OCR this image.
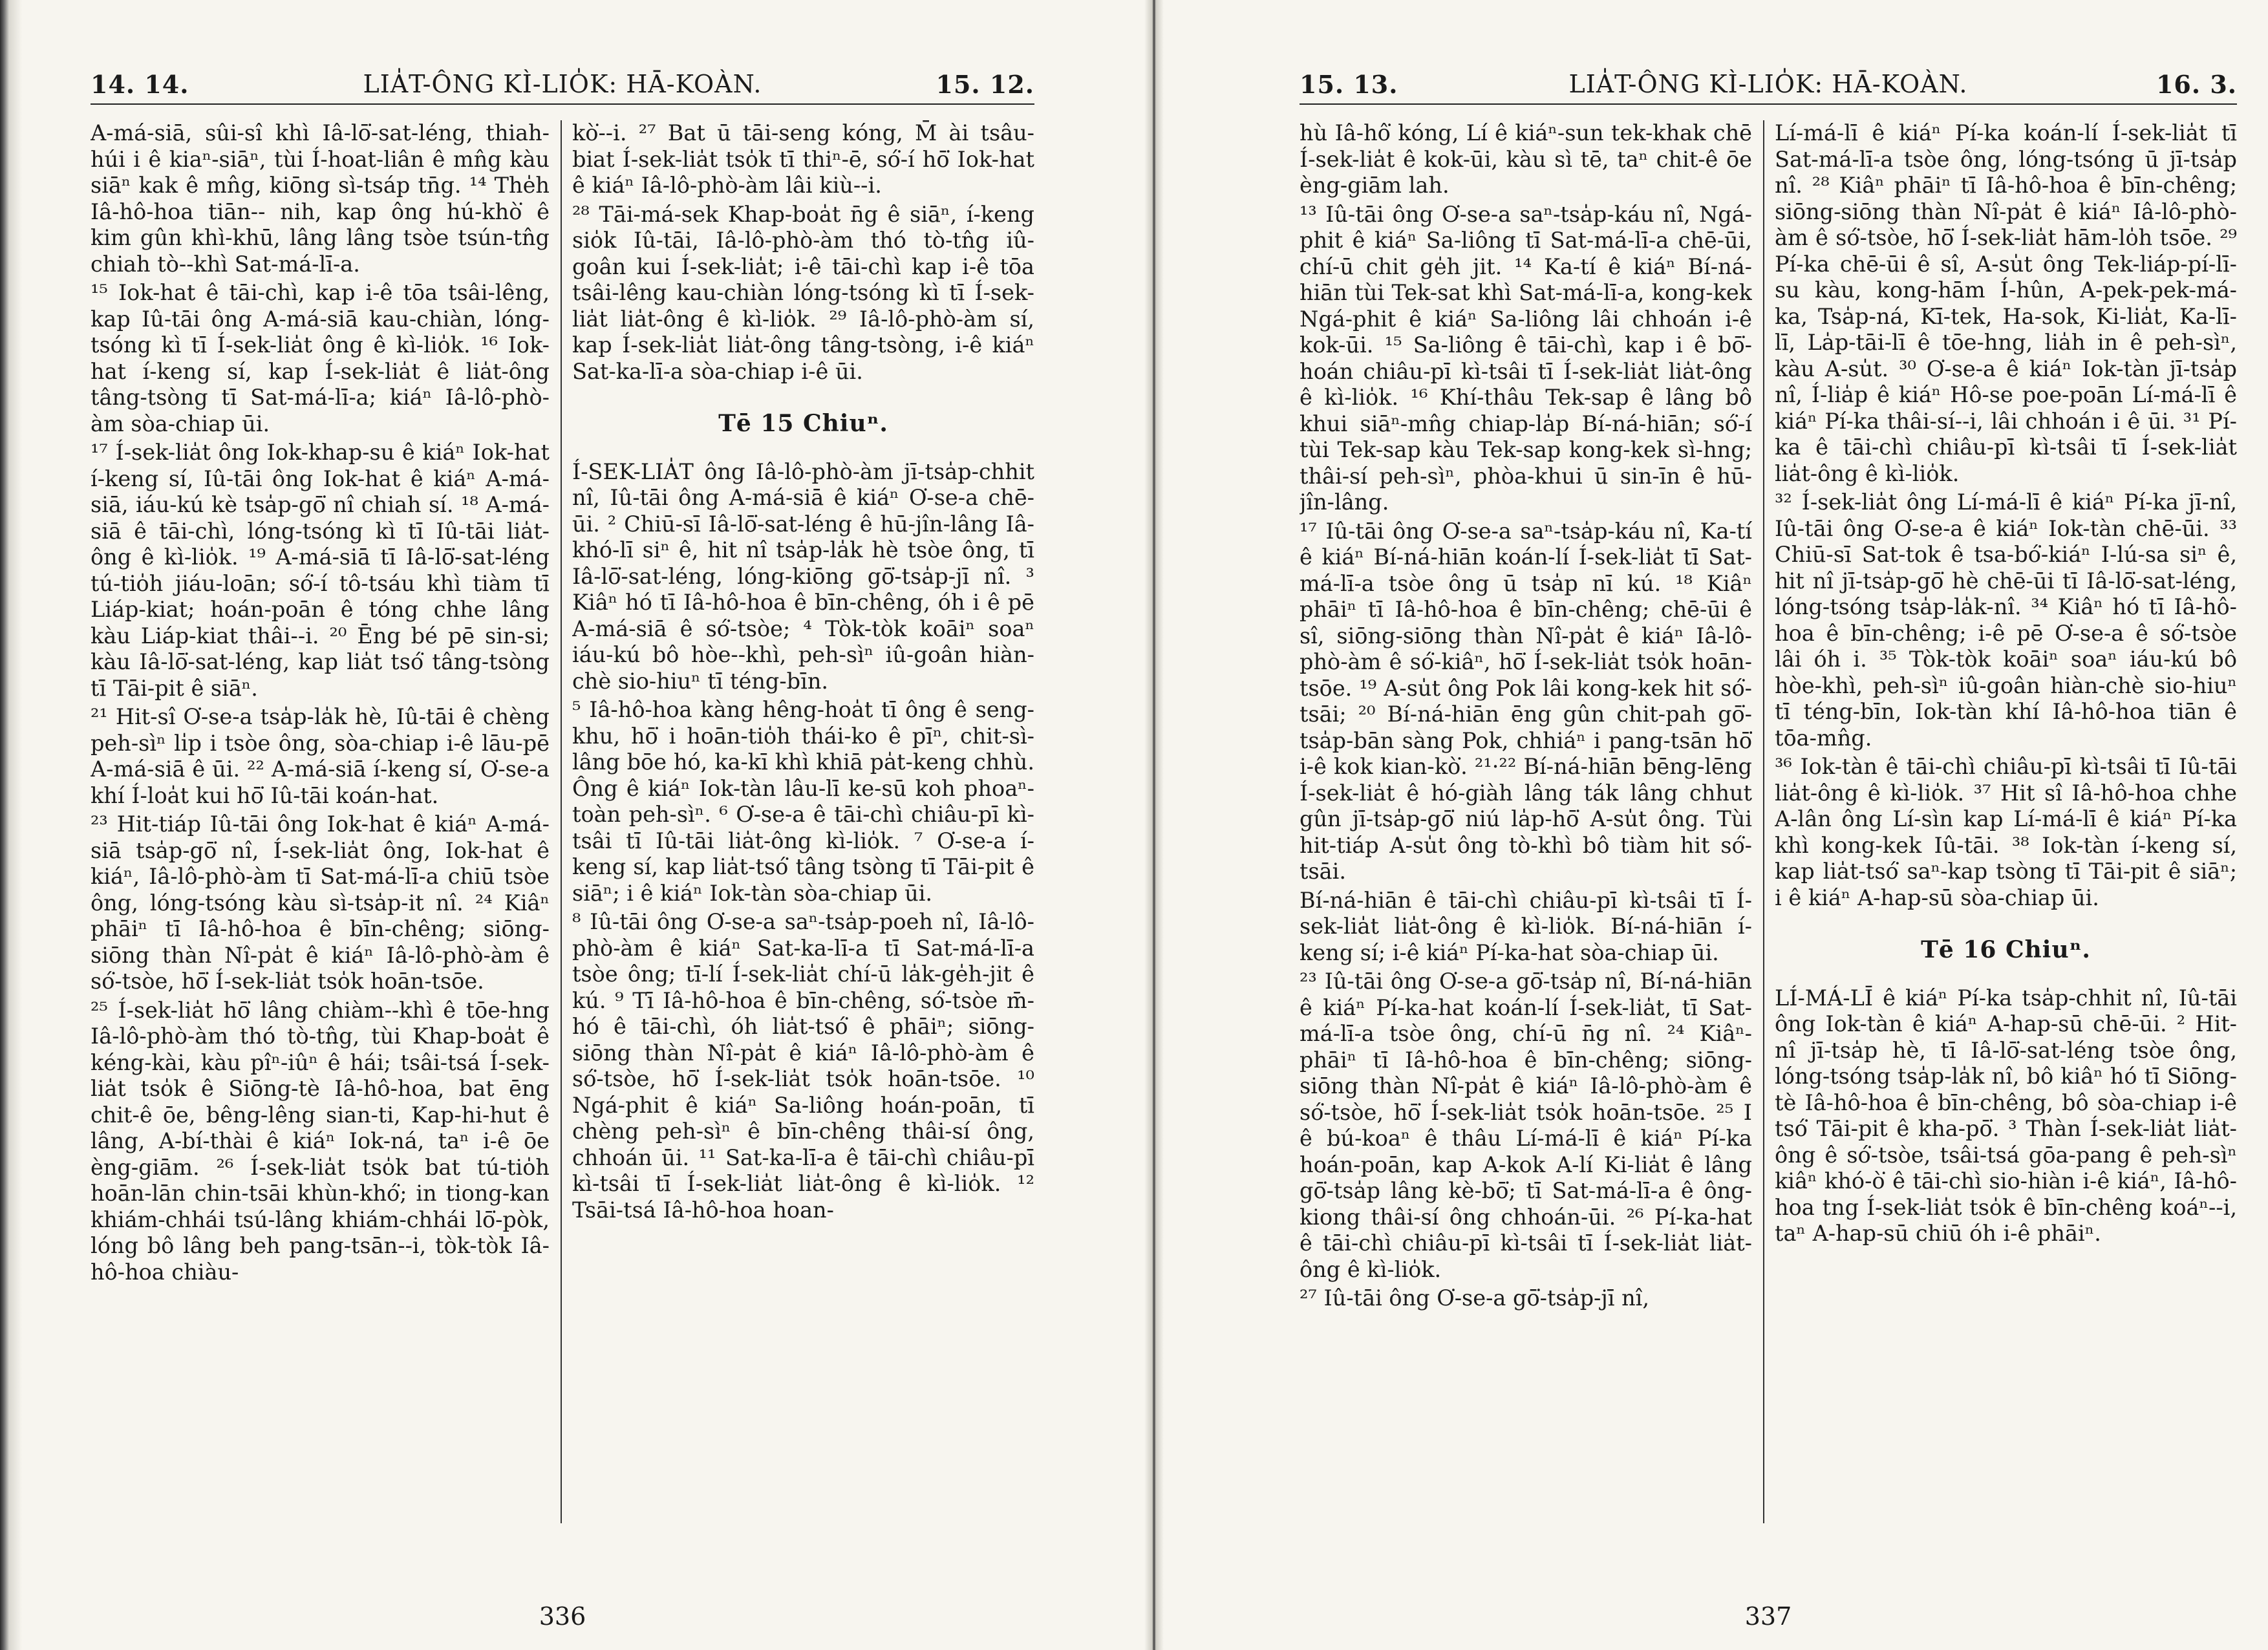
14. 14.	LIA̍T-ÔNG KÌ-LIO̍K: HĀ-KOÀN.	15. 12.

A-má-siā, sûi-sî khì Iâ-lō͘-sat-léng, thiah-húi i ê kiaⁿ-siāⁿ, tùi Í-hoat-liân ê mn̂g kàu siāⁿ kak ê mn̂g, kiōng sì-tsáp tn̄g. ¹⁴ The̍h Iâ-hô-hoa tiān-- nih, kap ông hú-khò͘ ê kim gûn khì-khū, lâng lâng tsòe tsún-tn̂g chiah tò--khì Sat-má-lī-a.

¹⁵ Iok-hat ê tāi-chì, kap i-ê tōa tsâi-lêng, kap Iû-tāi ông A-má-siā kau-chiàn, lóng-tsóng kì tī Í-sek-lia̍t ông ê kì-lio̍k. ¹⁶ Iok-hat í-keng sí, kap Í-sek-lia̍t ê lia̍t-ông tâng-tsòng tī Sat-má-lī-a; kiáⁿ Iâ-lô-phò-àm sòa-chiap ūi.

¹⁷ Í-sek-lia̍t ông Iok-khap-su ê kiáⁿ Iok-hat í-keng sí, Iû-tāi ông Iok-hat ê kiáⁿ A-má-siā, iáu-kú kè tsa̍p-gō͘ nî chiah sí. ¹⁸ A-má-siā ê tāi-chì, lóng-tsóng kì tī Iû-tāi lia̍t-ông ê kì-lio̍k. ¹⁹ A-má-siā tī Iâ-lō͘-sat-léng tú-tio̍h jiáu-loān; só͘-í tô-tsáu khì tiàm tī Liáp-kiat; hoán-poān ê tóng chhe lâng kàu Liáp-kiat thâi--i. ²⁰ Ēng bé pē sin-si; kàu Iâ-lō͘-sat-léng, kap lia̍t tsó͘ tâng-tsòng tī Tāi-pit ê siāⁿ.

²¹ Hit-sî O͘-se-a tsa̍p-la̍k hè, Iû-tāi ê chèng peh-sìⁿ li̍p i tsòe ông, sòa-chiap i-ê lāu-pē A-má-siā ê ūi. ²² A-má-siā í-keng sí, O͘-se-a khí Í-loa̍t kui hō͘ Iû-tāi koán-hat.

²³ Hit-tiáp Iû-tāi ông Iok-hat ê kiáⁿ A-má-siā tsa̍p-gō͘ nî, Í-sek-lia̍t ông, Iok-hat ê kiáⁿ, Iâ-lô-phò-àm tī Sat-má-lī-a chiū tsòe ông, lóng-tsóng kàu sì-tsa̍p-it nî. ²⁴ Kiâⁿ phāiⁿ tī Iâ-hô-hoa ê bīn-chêng; siōng-siōng thàn Nî-pa̍t ê kiáⁿ Iâ-lô-phò-àm ê só͘-tsòe, hō͘ Í-sek-lia̍t tso̍k hoān-tsōe.

²⁵ Í-sek-lia̍t hō͘ lâng chiàm--khì ê tōe-hng Iâ-lô-phò-àm thó tò-tn̂g, tùi Khap-boa̍t ê kéng-kài, kàu pîⁿ-iûⁿ ê hái; tsâi-tsá Í-sek-lia̍t tso̍k ê Siōng-tè Iâ-hô-hoa, bat ēng chit-ê ōe, bêng-lêng sian-ti, Kap-hi-hut ê lâng, A-bí-thài ê kiáⁿ Iok-ná, taⁿ i-ê ōe èng-giām. ²⁶ Í-sek-lia̍t tso̍k bat tú-tio̍h hoān-lān chin-tsāi khùn-khó͘; in tiong-kan khiám-chhái tsú-lâng khiám-chhái lō͘-pòk, lóng bô lâng beh pang-tsān--i, tòk-tòk Iâ-hô-hoa chiàu-

kò͘--i. ²⁷ Bat ū tāi-seng kóng, M̄ ài tsâu-biat Í-sek-lia̍t tso̍k tī thiⁿ-ē, só͘-í hō͘ Iok-hat ê kiáⁿ Iâ-lô-phò-àm lâi kiù--i.

²⁸ Tāi-má-sek Khap-boa̍t n̄g ê siāⁿ, í-keng sio̍k Iû-tāi, Iâ-lô-phò-àm thó tò-tn̂g iû-goân kui Í-sek-lia̍t; i-ê tāi-chì kap i-ê tōa tsâi-lêng kau-chiàn lóng-tsóng kì tī Í-sek-lia̍t lia̍t-ông ê kì-lio̍k. ²⁹ Iâ-lô-phò-àm sí, kap Í-sek-lia̍t lia̍t-ông tâng-tsòng, i-ê kiáⁿ Sat-ka-lī-a sòa-chiap i-ê ūi.

Tē 15 Chiuⁿ.

Í-SEK-LIA̍T ông Iâ-lô-phò-àm jī-tsa̍p-chhit nî, Iû-tāi ông A-má-siā ê kiáⁿ O͘-se-a chē-ūi. ² Chiū-sī Iâ-lō͘-sat-léng ê hū-jîn-lâng Iâ-khó-lī siⁿ ê, hit nî tsa̍p-la̍k hè tsòe ông, tī Iâ-lō͘-sat-léng, lóng-kiōng gō͘-tsa̍p-jī nî. ³ Kiâⁿ hó tī Iâ-hô-hoa ê bīn-chêng, óh i ê pē A-má-siā ê só͘-tsòe; ⁴ Tòk-tòk koāiⁿ soaⁿ iáu-kú bô hòe--khì, peh-sìⁿ iû-goân hiàn-chè sio-hiuⁿ tī téng-bīn.

⁵ Iâ-hô-hoa kàng hêng-hoa̍t tī ông ê seng-khu, hō͘ i hoān-tio̍h thái-ko ê pīⁿ, chit-sì-lâng bōe hó, ka-kī khì khiā pa̍t-keng chhù. Ông ê kiáⁿ Iok-tàn lâu-lī ke-sū koh phoaⁿ-toàn peh-sìⁿ. ⁶ O͘-se-a ê tāi-chì chiâu-pī kì-tsâi tī Iû-tāi lia̍t-ông kì-lio̍k. ⁷ O͘-se-a í-keng sí, kap lia̍t-tsó͘ tâng tsòng tī Tāi-pit ê siāⁿ; i ê kiáⁿ Iok-tàn sòa-chiap ūi.

⁸ Iû-tāi ông O͘-se-a saⁿ-tsa̍p-poeh nî, Iâ-lô-phò-àm ê kiáⁿ Sat-ka-lī-a tī Sat-má-lī-a tsòe ông; tī-lí Í-sek-lia̍t chí-ū la̍k-ge̍h-jit ê kú. ⁹ Tī Iâ-hô-hoa ê bīn-chêng, só͘-tsòe m̄-hó ê tāi-chì, óh lia̍t-tsó͘ ê phāiⁿ; siōng-siōng thàn Nî-pa̍t ê kiáⁿ Iâ-lô-phò-àm ê só͘-tsòe, hō͘ Í-sek-lia̍t tso̍k hoān-tsōe. ¹⁰ Ngá-phit ê kiáⁿ Sa-liông hoán-poān, tī chèng peh-sìⁿ ê bīn-chêng thâi-sí ông, chhoán ūi. ¹¹ Sat-ka-lī-a ê tāi-chì chiâu-pī kì-tsâi tī Í-sek-lia̍t lia̍t-ông ê kì-lio̍k. ¹² Tsāi-tsá Iâ-hô-hoa hoan-

336
15. 13.	LIA̍T-ÔNG KÌ-LIO̍K: HĀ-KOÀN.	16. 3.

hù Iâ-hô͘ kóng, Lí ê kiáⁿ-sun tek-khak chē Í-sek-lia̍t ê kok-ūi, kàu sì tē, taⁿ chit-ê ōe èng-giām lah.

¹³ Iû-tāi ông O͘-se-a saⁿ-tsa̍p-káu nî, Ngá-phit ê kiáⁿ Sa-liông tī Sat-má-lī-a chē-ūi, chí-ū chit ge̍h jit. ¹⁴ Ka-tí ê kiáⁿ Bí-ná-hiān tùi Tek-sat khì Sat-má-lī-a, kong-kek Ngá-phit ê kiáⁿ Sa-liông lâi chhoán i-ê kok-ūi. ¹⁵ Sa-liông ê tāi-chì, kap i ê bō͘-hoán chiâu-pī kì-tsâi tī Í-sek-lia̍t lia̍t-ông ê kì-lio̍k. ¹⁶ Khí-thâu Tek-sap ê lâng bô khui siāⁿ-mn̂g chiap-la̍p Bí-ná-hiān; só͘-í tùi Tek-sap kàu Tek-sap kong-kek sì-hng; thâi-sí peh-sìⁿ, phòa-khui ū sin-īn ê hū-jîn-lâng.

¹⁷ Iû-tāi ông O͘-se-a saⁿ-tsa̍p-káu nî, Ka-tí ê kiáⁿ Bí-ná-hiān koán-lí Í-sek-lia̍t tī Sat-má-lī-a tsòe ông ū tsa̍p nī kú. ¹⁸ Kiâⁿ phāiⁿ tī Iâ-hô-hoa ê bīn-chêng; chē-ūi ê sî, siōng-siōng thàn Nî-pa̍t ê kiáⁿ Iâ-lô-phò-àm ê só͘-kiâⁿ, hō͘ Í-sek-lia̍t tso̍k hoān-tsōe. ¹⁹ A-su̍t ông Pok lâi kong-kek hit só͘-tsāi; ²⁰ Bí-ná-hiān ēng gûn chit-pah gō͘-tsa̍p-bān sàng Pok, chhiáⁿ i pang-tsān hō͘ i-ê kok kian-kò͘. ²¹·²² Bí-ná-hiān bēng-lēng Í-sek-lia̍t ê hó-giàh lâng ták lâng chhut gûn jī-tsa̍p-gō͘ niú la̍p-hō͘ A-su̍t ông. Tùi hit-tiáp A-su̍t ông tò-khì bô tiàm hit só͘-tsāi.

Bí-ná-hiān ê tāi-chì chiâu-pī kì-tsâi tī Í-sek-lia̍t lia̍t-ông ê kì-lio̍k. Bí-ná-hiān í-keng sí; i-ê kiáⁿ Pí-ka-hat sòa-chiap ūi.

²³ Iû-tāi ông O͘-se-a gō͘-tsa̍p nî, Bí-ná-hiān ê kiáⁿ Pí-ka-hat koán-lí Í-sek-lia̍t, tī Sat-má-lī-a tsòe ông, chí-ū n̄g nî. ²⁴ Kiâⁿ-phāiⁿ tī Iâ-hô-hoa ê bīn-chêng; siōng-siōng thàn Nî-pa̍t ê kiáⁿ Iâ-lô-phò-àm ê só͘-tsòe, hō͘ Í-sek-lia̍t tso̍k hoān-tsōe. ²⁵ I ê bú-koaⁿ ê thâu Lí-má-lī ê kiáⁿ Pí-ka hoán-poān, kap A-kok A-lí Ki-lia̍t ê lâng gō͘-tsa̍p lâng kè-bō͘; tī Sat-má-lī-a ê ông-kiong thâi-sí ông chhoán-ūi. ²⁶ Pí-ka-hat ê tāi-chì chiâu-pī kì-tsâi tī Í-sek-lia̍t lia̍t-ông ê kì-lio̍k.

²⁷ Iû-tāi ông O͘-se-a gō͘-tsa̍p-jī nî,

Lí-má-lī ê kiáⁿ Pí-ka koán-lí Í-sek-lia̍t tī Sat-má-lī-a tsòe ông, lóng-tsóng ū jī-tsa̍p nî. ²⁸ Kiâⁿ phāiⁿ tī Iâ-hô-hoa ê bīn-chêng; siōng-siōng thàn Nî-pa̍t ê kiáⁿ Iâ-lô-phò-àm ê só͘-tsòe, hō͘ Í-sek-lia̍t hām-lo̍h tsōe. ²⁹ Pí-ka chē-ūi ê sî, A-su̍t ông Tek-liáp-pí-lī-su kàu, kong-hām Í-hûn, A-pek-pek-má-ka, Tsa̍p-ná, Kī-tek, Ha-sok, Ki-lia̍t, Ka-lī-lī, La̍p-tāi-lī ê tōe-hng, lia̍h in ê peh-sìⁿ, kàu A-su̍t. ³⁰ O͘-se-a ê kiáⁿ Iok-tàn jī-tsa̍p nî, Í-lia̍p ê kiáⁿ Hô-se poe-poān Lí-má-lī ê kiáⁿ Pí-ka thâi-sí--i, lâi chhoán i ê ūi. ³¹ Pí-ka ê tāi-chì chiâu-pī kì-tsâi tī Í-sek-lia̍t lia̍t-ông ê kì-lio̍k.

³² Í-sek-lia̍t ông Lí-má-lī ê kiáⁿ Pí-ka jī-nî, Iû-tāi ông O͘-se-a ê kiáⁿ Iok-tàn chē-ūi. ³³ Chiū-sī Sat-tok ê tsa-bó͘-kiáⁿ I-lú-sa siⁿ ê, hit nî jī-tsa̍p-gō͘ hè chē-ūi tī Iâ-lō͘-sat-léng, lóng-tsóng tsa̍p-la̍k-nî. ³⁴ Kiâⁿ hó tī Iâ-hô-hoa ê bīn-chêng; i-ê pē O͘-se-a ê só͘-tsòe lâi óh i. ³⁵ Tòk-tòk koāiⁿ soaⁿ iáu-kú bô hòe-khì, peh-sìⁿ iû-goân hiàn-chè sio-hiuⁿ tī téng-bīn, Iok-tàn khí Iâ-hô-hoa tiān ê tōa-mn̂g.

³⁶ Iok-tàn ê tāi-chì chiâu-pī kì-tsâi tī Iû-tāi lia̍t-ông ê kì-lio̍k. ³⁷ Hit sî Iâ-hô-hoa chhe A-lân ông Lí-sìn kap Lí-má-lī ê kiáⁿ Pí-ka khì kong-kek Iû-tāi. ³⁸ Iok-tàn í-keng sí, kap lia̍t-tsó͘ saⁿ-kap tsòng tī Tāi-pit ê siāⁿ; i ê kiáⁿ A-hap-sū sòa-chiap ūi.

Tē 16 Chiuⁿ.

LÍ-MÁ-LĪ ê kiáⁿ Pí-ka tsa̍p-chhit nî, Iû-tāi ông Iok-tàn ê kiáⁿ A-hap-sū chē-ūi. ² Hit-nî jī-tsa̍p hè, tī Iâ-lō͘-sat-léng tsòe ông, lóng-tsóng tsa̍p-la̍k nî, bô kiâⁿ hó tī Siōng-tè Iâ-hô-hoa ê bīn-chêng, bô sòa-chiap i-ê tsó͘ Tāi-pit ê kha-pō͘. ³ Thàn Í-sek-lia̍t lia̍t-ông ê só͘-tsòe, tsâi-tsá gōa-pang ê peh-sìⁿ kiâⁿ khó-ò͘ ê tāi-chì sio-hiàn i-ê kiáⁿ, Iâ-hô-hoa tng Í-sek-lia̍t tso̍k ê bīn-chêng koáⁿ--i, taⁿ A-hap-sū chiū óh i-ê phāiⁿ.

337
